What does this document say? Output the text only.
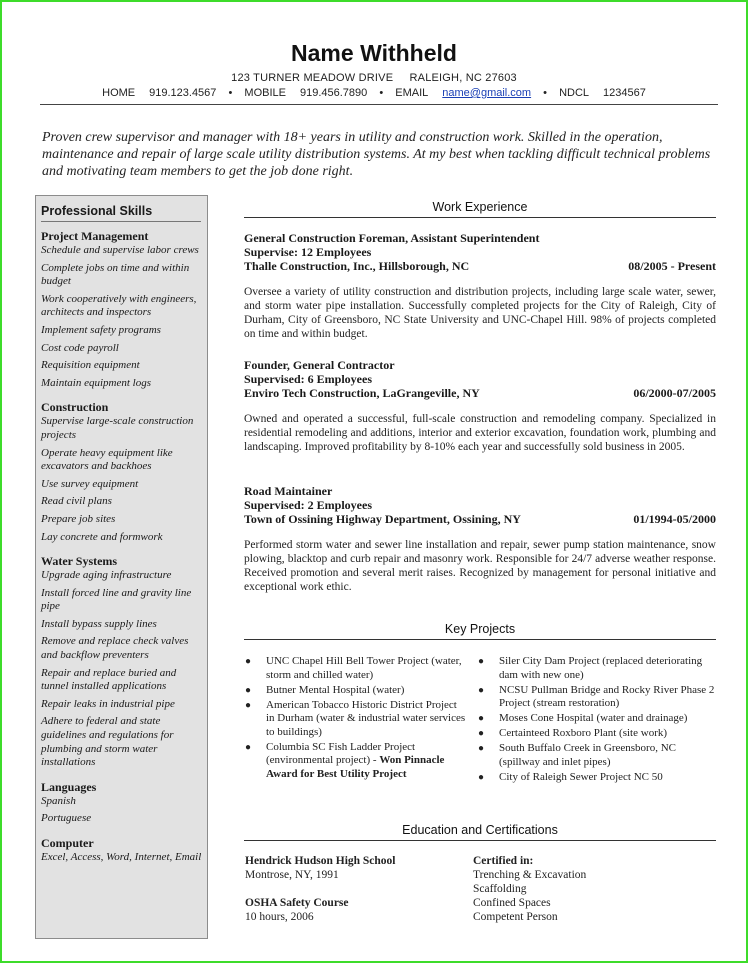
Name Withheld
123 TURNER MEADOW DRIVE     RALEIGH, NC 27603
HOME 919.123.4567 • MOBILE 919.456.7890 • EMAIL name@gmail.com • NDCL 1234567
Proven crew supervisor and manager with 18+ years in utility and construction work. Skilled in the operation, maintenance and repair of large scale utility distribution systems. At my best when tackling difficult technical problems and motivating team members to get the job done right.
Professional Skills
Project Management
Schedule and supervise labor crews
Complete jobs on time and within budget
Work cooperatively with engineers, architects and inspectors
Implement safety programs
Cost code payroll
Requisition equipment
Maintain equipment logs
Construction
Supervise large-scale construction projects
Operate heavy equipment like excavators and backhoes
Use survey equipment
Read civil plans
Prepare job sites
Lay concrete and formwork
Water Systems
Upgrade aging infrastructure
Install forced line and gravity line pipe
Install bypass supply lines
Remove and replace check valves and backflow preventers
Repair and replace buried and tunnel installed applications
Repair leaks in industrial pipe
Adhere to federal and state guidelines and regulations for plumbing and storm water installations
Languages
Spanish
Portuguese
Computer
Excel, Access, Word, Internet, Email
Work Experience
General Construction Foreman, Assistant Superintendent
Supervise: 12 Employees
Thalle Construction, Inc., Hillsborough, NC	08/2005 - Present
Oversee a variety of utility construction and distribution projects, including large scale water, sewer, and storm water pipe installation. Successfully completed projects for the City of Raleigh, City of Durham, City of Greensboro, NC State University and UNC-Chapel Hill. 98% of projects completed on time and within budget.
Founder, General Contractor
Supervised: 6 Employees
Enviro Tech Construction, LaGrangeville, NY	06/2000-07/2005
Owned and operated a successful, full-scale construction and remodeling company. Specialized in residential remodeling and additions, interior and exterior excavation, foundation work, plumbing and landscaping. Improved profitability by 8-10% each year and successfully sold business in 2005.
Road Maintainer
Supervised: 2 Employees
Town of Ossining Highway Department, Ossining, NY	01/1994-05/2000
Performed storm water and sewer line installation and repair, sewer pump station maintenance, snow plowing, blacktop and curb repair and masonry work. Responsible for 24/7 adverse weather response. Received promotion and several merit raises. Recognized by management for personal initiative and exceptional work ethic.
Key Projects
● UNC Chapel Hill Bell Tower Project (water, storm and chilled water)
● Butner Mental Hospital (water)
● American Tobacco Historic District Project in Durham (water & industrial water services to buildings)
● Columbia SC Fish Ladder Project (environmental project) - Won Pinnacle Award for Best Utility Project
● Siler City Dam Project (replaced deteriorating dam with new one)
● NCSU Pullman Bridge and Rocky River Phase 2 Project (stream restoration)
● Moses Cone Hospital (water and drainage)
● Certainteed Roxboro Plant (site work)
● South Buffalo Creek in Greensboro, NC (spillway and inlet pipes)
● City of Raleigh Sewer Project NC 50
Education and Certifications
Hendrick Hudson High School
Montrose, NY, 1991
OSHA Safety Course
10 hours, 2006
Certified in:
Trenching & Excavation
Scaffolding
Confined Spaces
Competent Person
